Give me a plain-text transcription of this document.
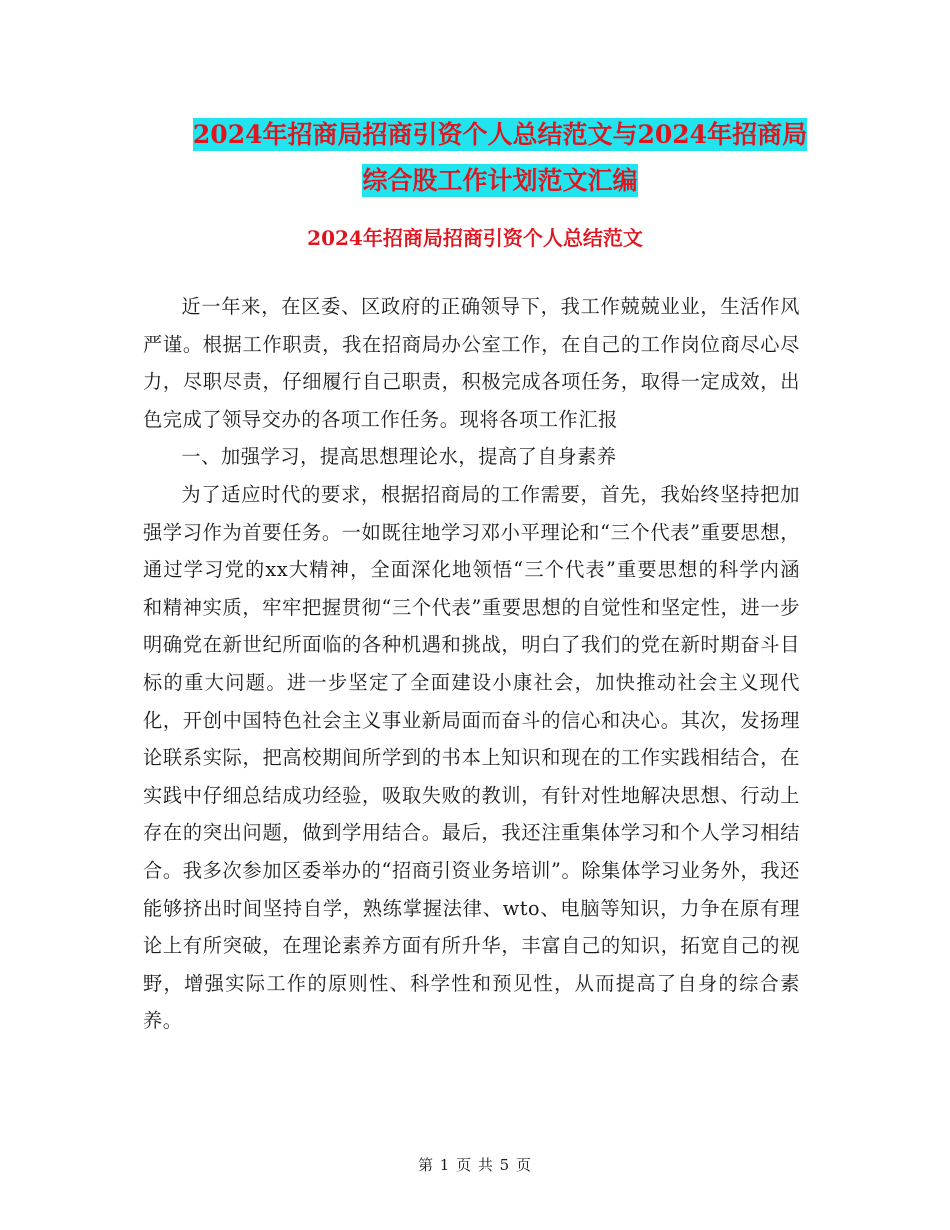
2024年招商局招商引资个人总结范文与2024年招商局
综合股工作计划范文汇编
2024年招商局招商引资个人总结范文

近一年来，在区委、区政府的正确领导下，我工作兢兢业业，生活作风严谨。根据工作职责，我在招商局办公室工作，在自己的工作岗位商尽心尽力，尽职尽责，仔细履行自己职责，积极完成各项任务，取得一定成效，出色完成了领导交办的各项工作任务。现将各项工作汇报

一、加强学习，提高思想理论水，提高了自身素养

为了适应时代的要求，根据招商局的工作需要，首先，我始终坚持把加强学习作为首要任务。一如既往地学习邓小平理论和“三个代表”重要思想，通过学习党的xx大精神，全面深化地领悟“三个代表”重要思想的科学内涵和精神实质，牢牢把握贯彻“三个代表”重要思想的自觉性和坚定性，进一步明确党在新世纪所面临的各种机遇和挑战，明白了我们的党在新时期奋斗目标的重大问题。进一步坚定了全面建设小康社会，加快推动社会主义现代化，开创中国特色社会主义事业新局面而奋斗的信心和决心。其次，发扬理论联系实际，把高校期间所学到的书本上知识和现在的工作实践相结合，在实践中仔细总结成功经验，吸取失败的教训，有针对性地解决思想、行动上存在的突出问题，做到学用结合。最后，我还注重集体学习和个人学习相结合。我多次参加区委举办的“招商引资业务培训”。除集体学习业务外，我还能够挤出时间坚持自学，熟练掌握法律、wto、电脑等知识，力争在原有理论上有所突破，在理论素养方面有所升华，丰富自己的知识，拓宽自己的视野，增强实际工作的原则性、科学性和预见性，从而提高了自身的综合素养。

第 1 页 共 5 页
